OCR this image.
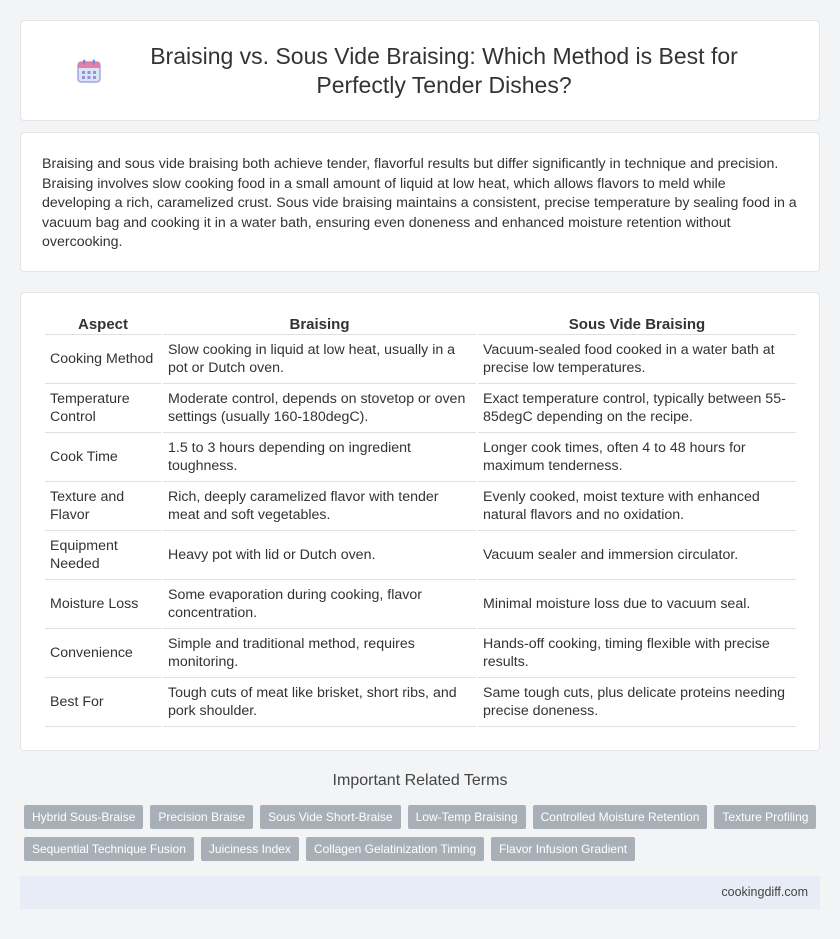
Braising vs. Sous Vide Braising: Which Method is Best for Perfectly Tender Dishes?

Braising and sous vide braising both achieve tender, flavorful results but differ significantly in technique and precision. Braising involves slow cooking food in a small amount of liquid at low heat, which allows flavors to meld while developing a rich, caramelized crust. Sous vide braising maintains a consistent, precise temperature by sealing food in a vacuum bag and cooking it in a water bath, ensuring even doneness and enhanced moisture retention without overcooking.

Aspect	Braising	Sous Vide Braising
Cooking Method	Slow cooking in liquid at low heat, usually in a pot or Dutch oven.	Vacuum-sealed food cooked in a water bath at precise low temperatures.
Temperature Control	Moderate control, depends on stovetop or oven settings (usually 160-180degC).	Exact temperature control, typically between 55-85degC depending on the recipe.
Cook Time	1.5 to 3 hours depending on ingredient toughness.	Longer cook times, often 4 to 48 hours for maximum tenderness.
Texture and Flavor	Rich, deeply caramelized flavor with tender meat and soft vegetables.	Evenly cooked, moist texture with enhanced natural flavors and no oxidation.
Equipment Needed	Heavy pot with lid or Dutch oven.	Vacuum sealer and immersion circulator.
Moisture Loss	Some evaporation during cooking, flavor concentration.	Minimal moisture loss due to vacuum seal.
Convenience	Simple and traditional method, requires monitoring.	Hands-off cooking, timing flexible with precise results.
Best For	Tough cuts of meat like brisket, short ribs, and pork shoulder.	Same tough cuts, plus delicate proteins needing precise doneness.
Important Related Terms
Hybrid Sous-Braise	Precision Braise	Sous Vide Short-Braise	Low-Temp Braising	Controlled Moisture Retention	Texture Profiling
Sequential Technique Fusion	Juiciness Index	Collagen Gelatinization Timing	Flavor Infusion Gradient
cookingdiff.com
